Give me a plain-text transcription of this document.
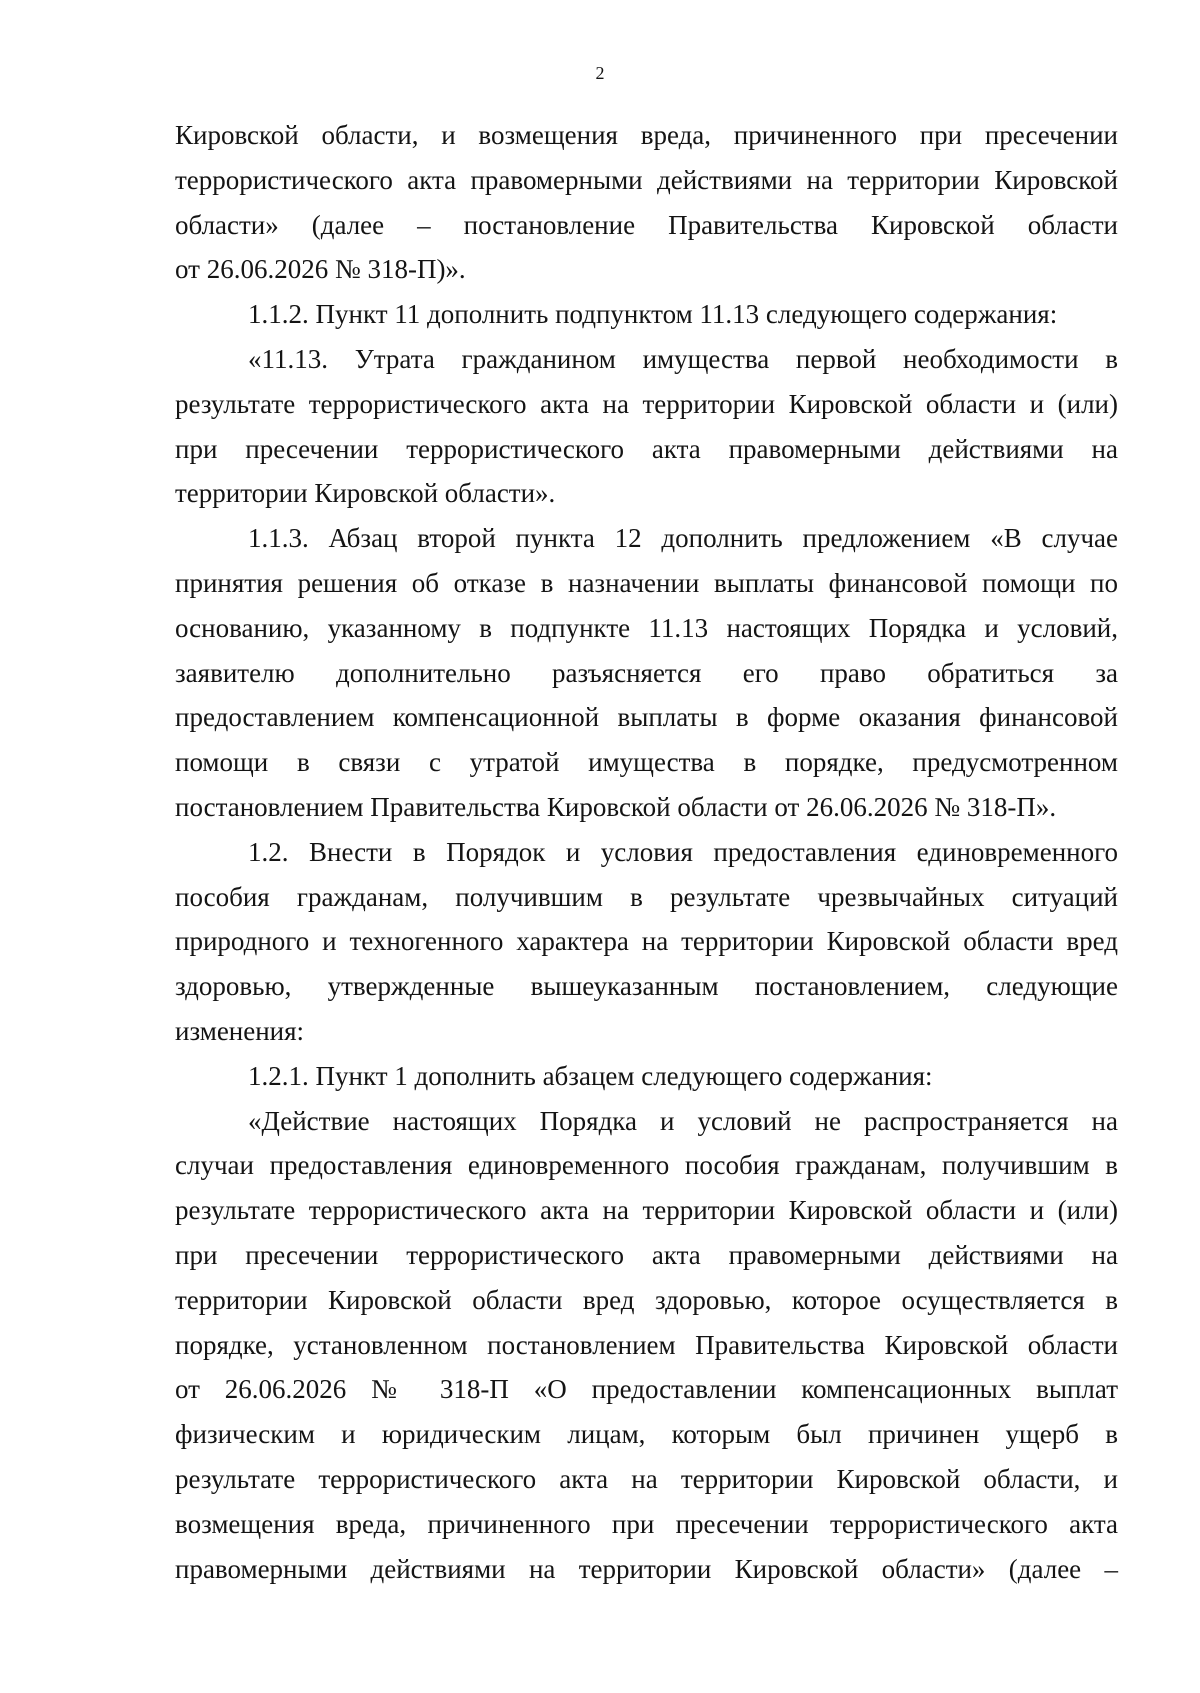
2
Кировской области, и возмещения вреда, причиненного при пресечении
террористического акта правомерными действиями на территории Кировской
области» (далее – постановление Правительства Кировской области
от 26.06.2026 № 318-П)».
1.1.2. Пункт 11 дополнить подпунктом 11.13 следующего содержания:
«11.13. Утрата гражданином имущества первой необходимости в
результате террористического акта на территории Кировской области и (или)
при пресечении террористического акта правомерными действиями на
территории Кировской области».
1.1.3. Абзац второй пункта 12 дополнить предложением «В случае
принятия решения об отказе в назначении выплаты финансовой помощи по
основанию, указанному в подпункте 11.13 настоящих Порядка и условий,
заявителю дополнительно разъясняется его право обратиться за
предоставлением компенсационной выплаты в форме оказания финансовой
помощи в связи с утратой имущества в порядке, предусмотренном
постановлением Правительства Кировской области от 26.06.2026 № 318-П».
1.2. Внести в Порядок и условия предоставления единовременного
пособия гражданам, получившим в результате чрезвычайных ситуаций
природного и техногенного характера на территории Кировской области вред
здоровью, утвержденные вышеуказанным постановлением, следующие
изменения:
1.2.1. Пункт 1 дополнить абзацем следующего содержания:
«Действие настоящих Порядка и условий не распространяется на
случаи предоставления единовременного пособия гражданам, получившим в
результате террористического акта на территории Кировской области и (или)
при пресечении террористического акта правомерными действиями на
территории Кировской области вред здоровью, которое осуществляется в
порядке, установленном постановлением Правительства Кировской области
от 26.06.2026 № 318-П «О предоставлении компенсационных выплат
физическим и юридическим лицам, которым был причинен ущерб в
результате террористического акта на территории Кировской области, и
возмещения вреда, причиненного при пресечении террористического акта
правомерными действиями на территории Кировской области» (далее –
